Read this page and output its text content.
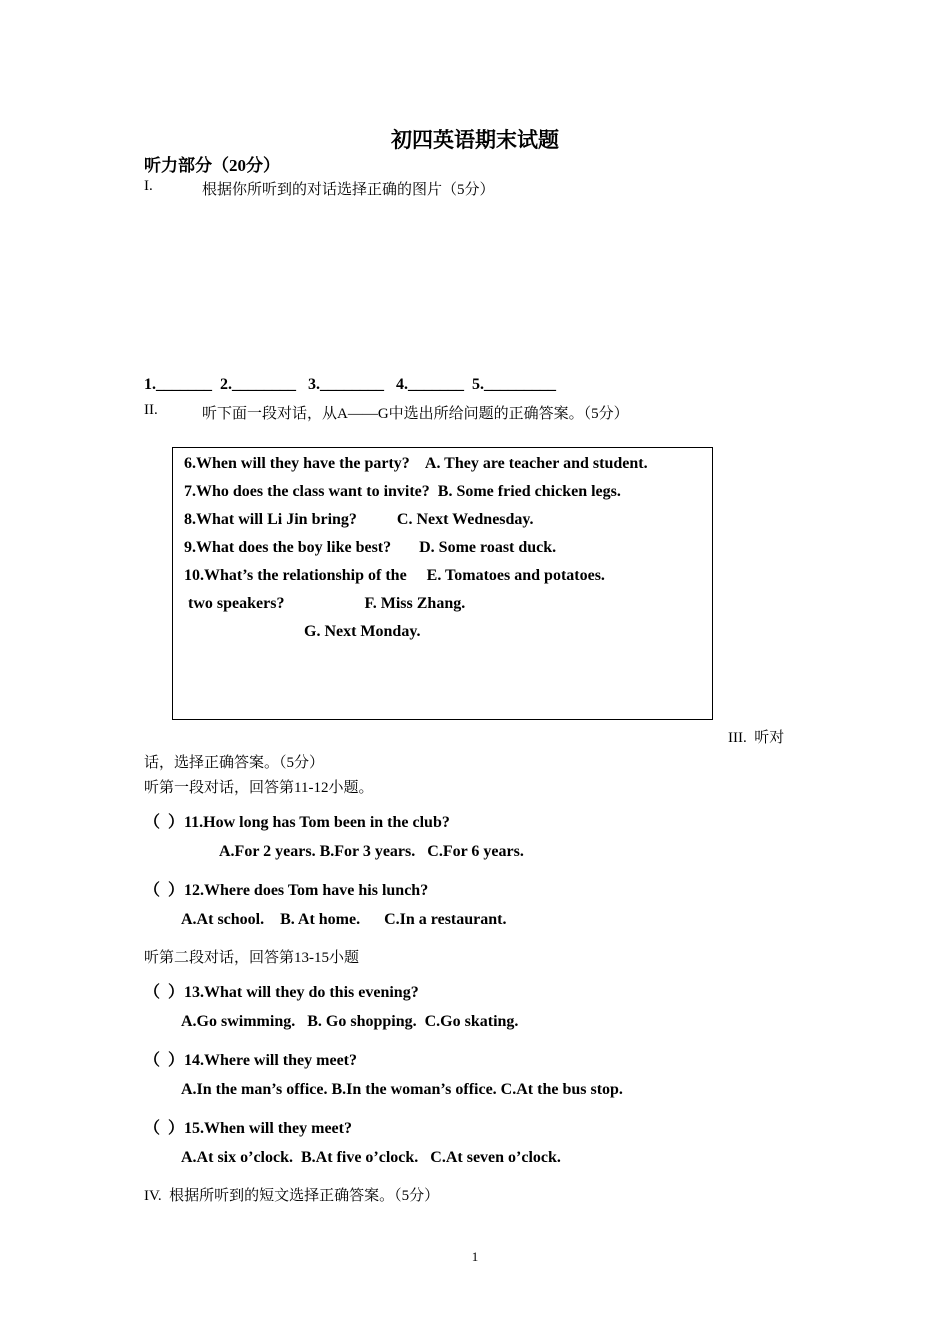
初四英语期末试题
听力部分（20分）
I.	根据你所听到的对话选择正确的图片（5分）
1._______  2.________   3.________   4._______  5._________
II.	听下面一段对话，从A——G中选出所给问题的正确答案。（5分）
6.When will they have the party?    A. They are teacher and student.
7.Who does the class want to invite?  B. Some fried chicken legs.
8.What will Li Jin bring?          C. Next Wednesday.
9.What does the boy like best?       D. Some roast duck.
10.What’s the relationship of the     E. Tomatoes and potatoes.
two speakers?                    F. Miss Zhang.
G. Next Monday.
III.  听对
话，选择正确答案。（5分）
听第一段对话，回答第11-12小题。
（  ）11.How long has Tom been in the club?
A.For 2 years. B.For 3 years.   C.For 6 years.
（  ）12.Where does Tom have his lunch?
A.At school.    B. At home.      C.In a restaurant.
听第二段对话，回答第13-15小题
（  ）13.What will they do this evening?
A.Go swimming.   B. Go shopping.  C.Go skating.
（  ）14.Where will they meet?
A.In the man’s office. B.In the woman’s office. C.At the bus stop.
（  ）15.When will they meet?
A.At six o’clock.  B.At five o’clock.   C.At seven o’clock.
IV.  根据所听到的短文选择正确答案。（5分）
1
